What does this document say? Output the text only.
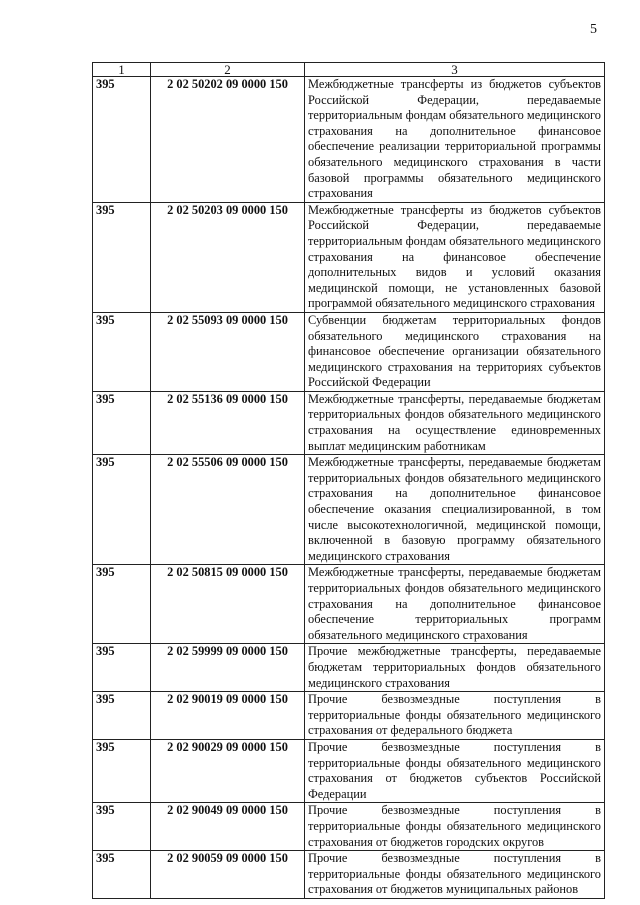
5
1	2	3
395	2 02 50202 09 0000 150	Межбюджетные трансферты из бюджетов субъектов Российской Федерации, передаваемые территориальным фондам обязательного медицинского страхования на дополнительное финансовое обеспечение реализации территориальной программы обязательного медицинского страхования в части базовой программы обязательного медицинского страхования
395	2 02 50203 09 0000 150	Межбюджетные трансферты из бюджетов субъектов Российской Федерации, передаваемые территориальным фондам обязательного медицинского страхования на финансовое обеспечение дополнительных видов и условий оказания медицинской помощи, не установленных базовой программой обязательного медицинского страхования
395	2 02 55093 09 0000 150	Субвенции бюджетам территориальных фондов обязательного медицинского страхования на финансовое обеспечение организации обязательного медицинского страхования на территориях субъектов Российской Федерации
395	2 02 55136 09 0000 150	Межбюджетные трансферты, передаваемые бюджетам территориальных фондов обязательного медицинского страхования на осуществление единовременных выплат медицинским работникам
395	2 02 55506 09 0000 150	Межбюджетные трансферты, передаваемые бюджетам территориальных фондов обязательного медицинского страхования на дополнительное финансовое обеспечение оказания специализированной, в том числе высокотехнологичной, медицинской помощи, включенной в базовую программу обязательного медицинского страхования
395	2 02 50815 09 0000 150	Межбюджетные трансферты, передаваемые бюджетам территориальных фондов обязательного медицинского страхования на дополнительное финансовое обеспечение территориальных программ обязательного медицинского страхования
395	2 02 59999 09 0000 150	Прочие межбюджетные трансферты, передаваемые бюджетам территориальных фондов обязательного медицинского страхования
395	2 02 90019 09 0000 150	Прочие безвозмездные поступления в территориальные фонды обязательного медицинского страхования от федерального бюджета
395	2 02 90029 09 0000 150	Прочие безвозмездные поступления в территориальные фонды обязательного медицинского страхования от бюджетов субъектов Российской Федерации
395	2 02 90049 09 0000 150	Прочие безвозмездные поступления в территориальные фонды обязательного медицинского страхования от бюджетов городских округов
395	2 02 90059 09 0000 150	Прочие безвозмездные поступления в территориальные фонды обязательного медицинского страхования от бюджетов муниципальных районов
